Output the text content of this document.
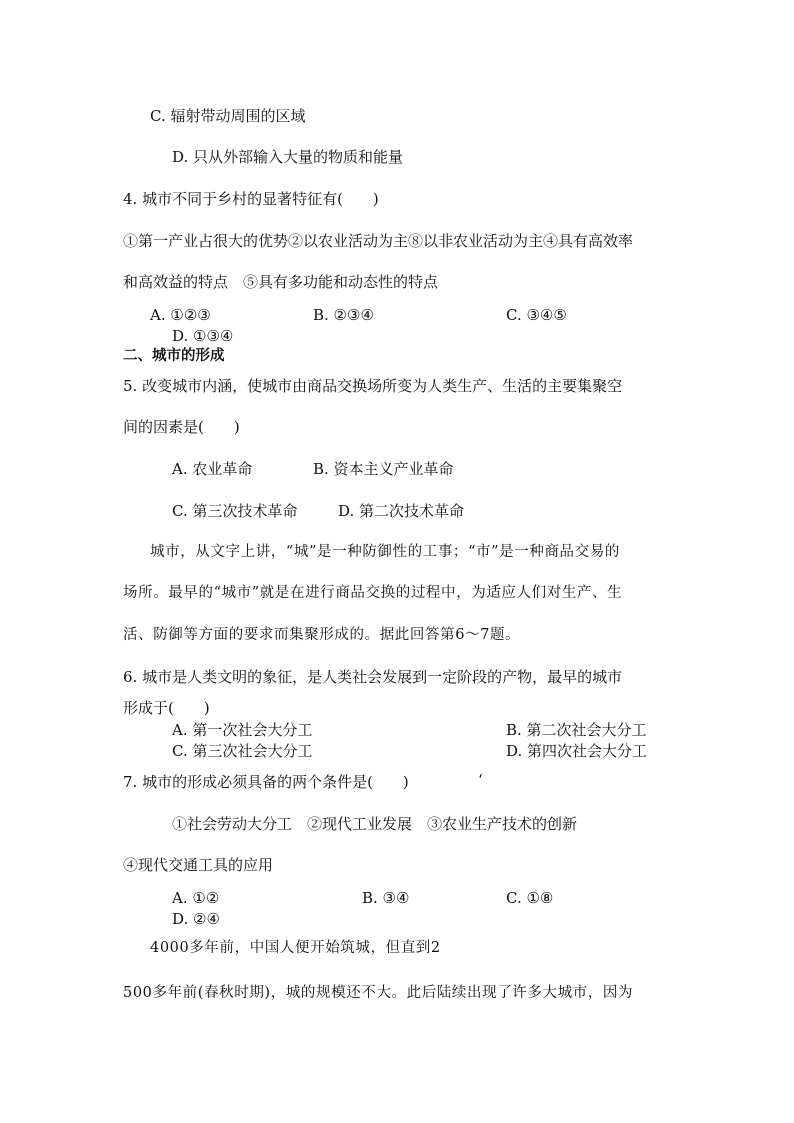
C. 辐射带动周围的区域
D. 只从外部输入大量的物质和能量
4. 城市不同于乡村的显著特征有(　　)
①第一产业占很大的优势②以农业活动为主⑧以非农业活动为主④具有高效率
和高效益的特点　⑤具有多功能和动态性的特点
A. ①②③	B. ②③④	C. ③④⑤
D. ①③④
二、城市的形成
5. 改变城市内涵，使城市由商品交换场所变为人类生产、生活的主要集聚空
间的因素是(　　)
A. 农业革命	B. 资本主义产业革命
C. 第三次技术革命	D. 第二次技术革命
城市，从文字上讲，“城”是一种防御性的工事；“市”是一种商品交易的
场所。最早的“城市”就是在进行商品交换的过程中，为适应人们对生产、生
活、防御等方面的要求而集聚形成的。据此回答第6～7题。
6. 城市是人类文明的象征，是人类社会发展到一定阶段的产物，最早的城市
形成于(　　)
A. 第一次社会大分工	B. 第二次社会大分工
C. 第三次社会大分工	D. 第四次社会大分工
7. 城市的形成必须具备的两个条件是(　　)	‘
①社会劳动大分工　②现代工业发展　③农业生产技术的创新
④现代交通工具的应用
A. ①②	B. ③④	C. ①⑧
D. ②④
4000多年前，中国人便开始筑城，但直到2
500多年前(春秋时期)，城的规模还不大。此后陆续出现了许多大城市，因为
